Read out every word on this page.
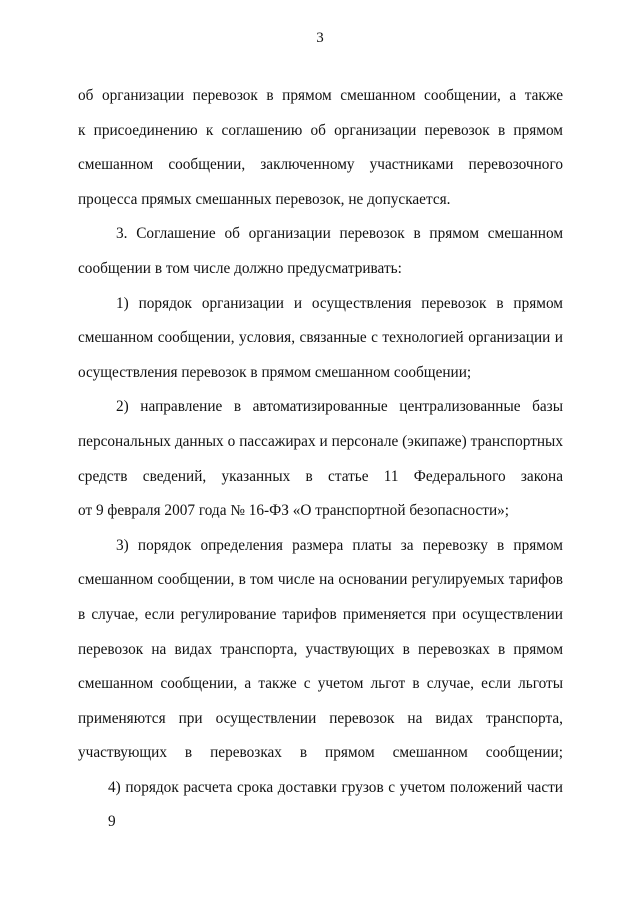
3

об организации перевозок в прямом смешанном сообщении, а также
к присоединению к соглашению об организации перевозок в прямом
смешанном сообщении, заключенному участниками перевозочного
процесса прямых смешанных перевозок, не допускается.

3. Соглашение об организации перевозок в прямом смешанном
сообщении в том числе должно предусматривать:

1) порядок организации и осуществления перевозок в прямом
смешанном сообщении, условия, связанные с технологией организации и
осуществления перевозок в прямом смешанном сообщении;

2) направление в автоматизированные централизованные базы
персональных данных о пассажирах и персонале (экипаже) транспортных
средств сведений, указанных в статье 11 Федерального закона
от 9 февраля 2007 года № 16-ФЗ «О транспортной безопасности»;

3) порядок определения размера платы за перевозку в прямом
смешанном сообщении, в том числе на основании регулируемых тарифов
в случае, если регулирование тарифов применяется при осуществлении
перевозок на видах транспорта, участвующих в перевозках в прямом
смешанном сообщении, а также с учетом льгот в случае, если льготы
применяются при осуществлении перевозок на видах транспорта,
участвующих в перевозках в прямом смешанном сообщении;

4) порядок расчета срока доставки грузов с учетом положений части 9
